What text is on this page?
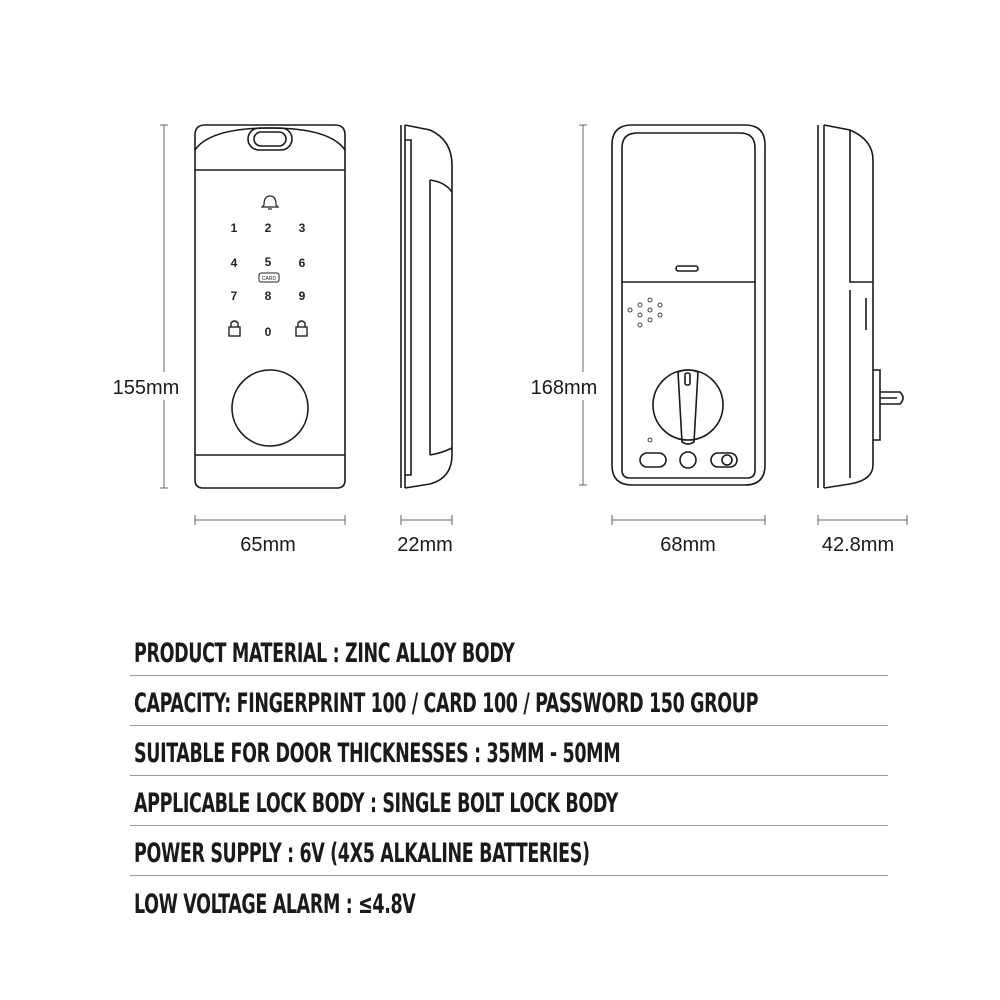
CARD
1 2 3
4 5 6
7 8 9
0
155mm
65mm	22mm
168mm
68mm	42.8mm
PRODUCT MATERIAL : ZINC ALLOY BODY
CAPACITY: FINGERPRINT 100 / CARD 100 / PASSWORD 150 GROUP
SUITABLE FOR DOOR THICKNESSES : 35MM - 50MM
APPLICABLE LOCK BODY : SINGLE BOLT LOCK BODY
POWER SUPPLY : 6V (4X5 ALKALINE BATTERIES)
LOW VOLTAGE ALARM : ≤4.8V
